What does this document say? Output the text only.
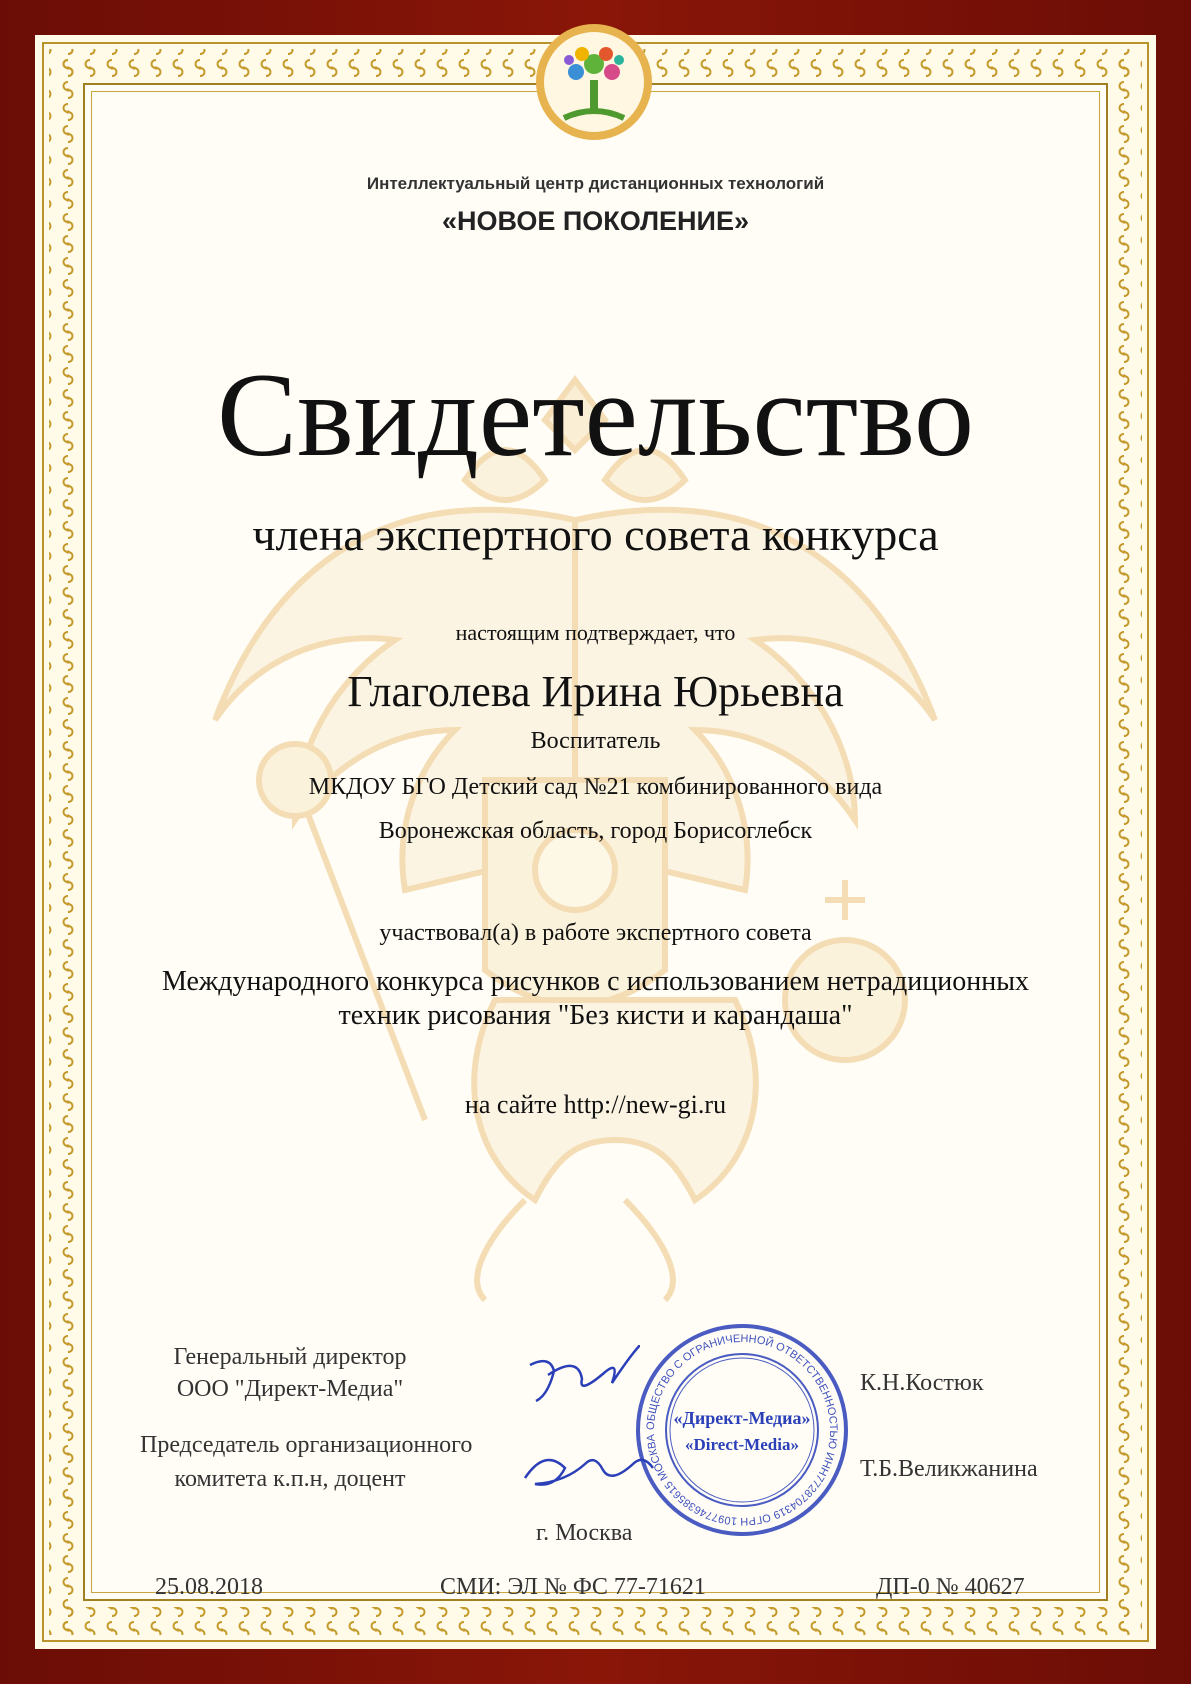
Интеллектуальный центр дистанционных технологий

«НОВОЕ ПОКОЛЕНИЕ»

Свидетельство

члена экспертного совета конкурса

настоящим подтверждает, что

Глаголева Ирина Юрьевна

Воспитатель

МКДОУ БГО Детский сад №21 комбинированного вида

Воронежская область, город Борисоглебск

участвовал(а) в работе экспертного совета

Международного конкурса рисунков с использованием нетрадиционных

техник рисования "Без кисти и карандаша"

на сайте http://new-gi.ru

Генеральный директор

ООО "Директ-Медиа"

Председатель организационного

комитета к.п.н, доцент

ОБЩЕСТВО С ОГРАНИЧЕННОЙ ОТВЕТСТВЕННОСТЬЮ ИНН7728704319 ОГРН 1097746385615 МОСКВА
«Директ-Медиа»
«Direct-Media»

К.Н.Костюк

Т.Б.Великжанина

г. Москва

25.08.2018	СМИ: ЭЛ № ФС 77-71621	ДП-0 № 40627
